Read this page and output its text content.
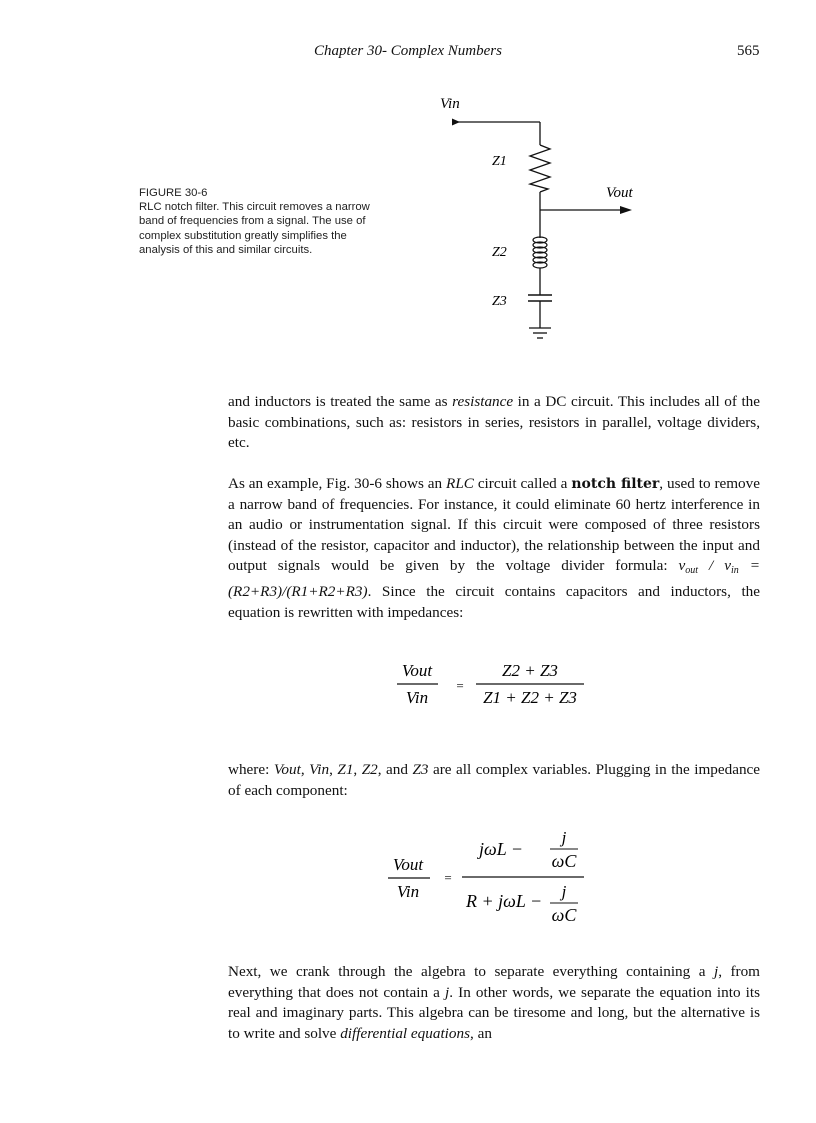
Chapter 30- Complex Numbers	565
FIGURE 30-6
RLC notch filter. This circuit removes a narrow band of frequencies from a signal. The use of complex substitution greatly simplifies the analysis of this and similar circuits.
Vin
Z1
Vout
Z2
Z3
and inductors is treated the same as resistance in a DC circuit. This includes all of the basic combinations, such as: resistors in series, resistors in parallel, voltage dividers, etc.
As an example, Fig. 30-6 shows an RLC circuit called a notch filter, used to remove a narrow band of frequencies. For instance, it could eliminate 60 hertz interference in an audio or instrumentation signal. If this circuit were composed of three resistors (instead of the resistor, capacitor and inductor), the relationship between the input and output signals would be given by the voltage divider formula: $v_{out} / v_{in} = (R2+R3)/(R1+R2+R3)$. Since the circuit contains capacitors and inductors, the equation is rewritten with impedances:
Vout
Vin
=
Z2 + Z3
Z1 + Z2 + Z3
where: Vout, Vin, Z1, Z2, and Z3 are all complex variables. Plugging in the impedance of each component:
Vout
Vin
=
jωL −
j
ωC
R + jωL − j
ωC
Next, we crank through the algebra to separate everything containing a j, from everything that does not contain a j. In other words, we separate the equation into its real and imaginary parts. This algebra can be tiresome and long, but the alternative is to write and solve differential equations, an
